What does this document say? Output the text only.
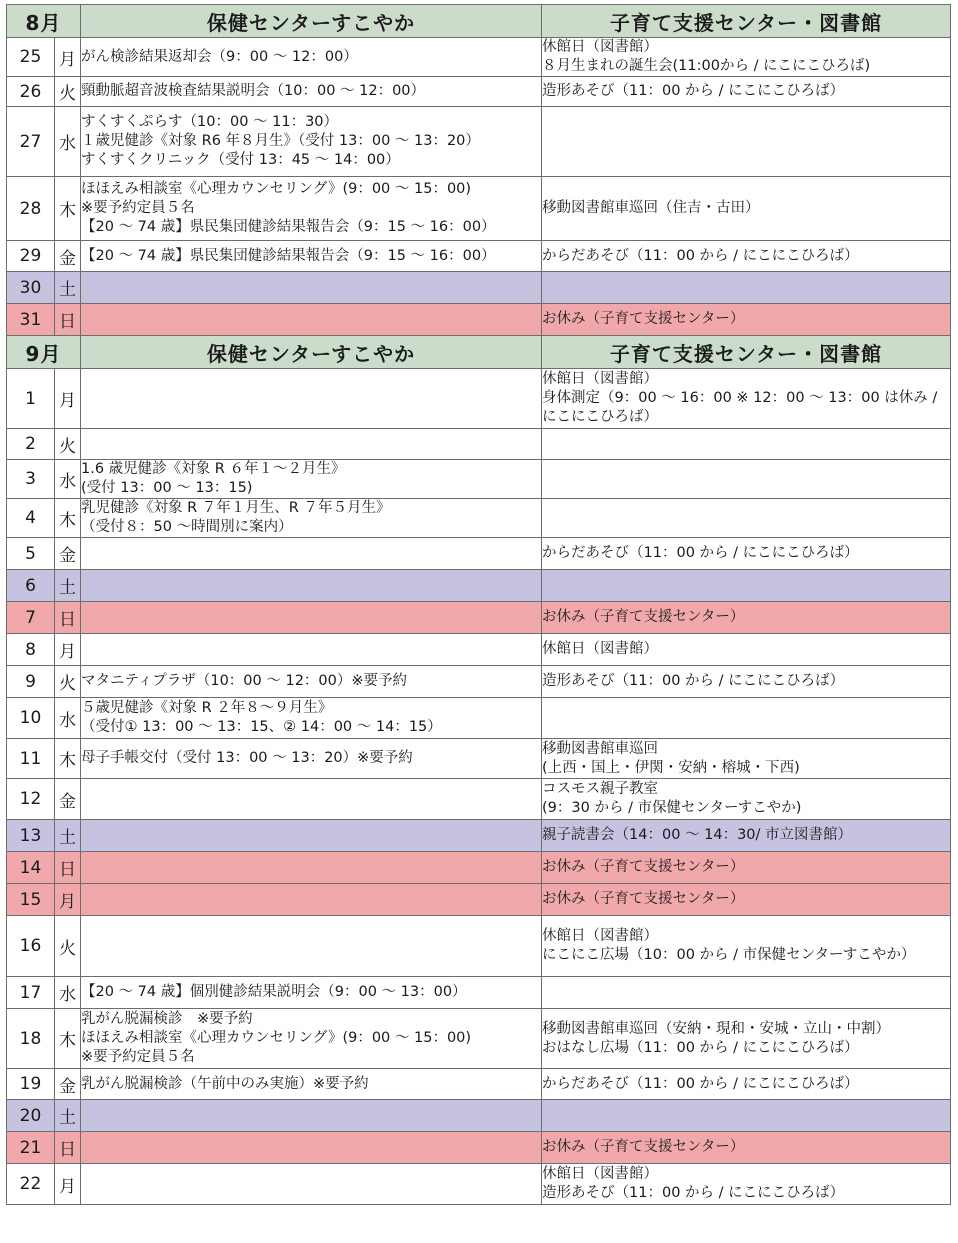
8月		保健センターすこやか	子育て支援センター・図書館
25	月	がん検診結果返却会（9：00 ～ 12：00）	休館日（図書館）
８月生まれの誕生会(11:00から / にこにこひろば)
26	火	頸動脈超音波検査結果説明会（10：00 ～ 12：00）	造形あそび（11：00 から / にこにこひろば）
27	水	すくすくぷらす（10：00 ～ 11：30）
１歳児健診《対象 R6 年８月生》（受付 13：00 ～ 13：20）
すくすくクリニック（受付 13：45 ～ 14：00）	
28	木	ほほえみ相談室《心理カウンセリング》(9：00 ～ 15：00)
※要予約定員５名
【20 ～ 74 歳】県民集団健診結果報告会（9：15 ～ 16：00）	移動図書館車巡回（住吉・古田）
29	金	【20 ～ 74 歳】県民集団健診結果報告会（9：15 ～ 16：00）	からだあそび（11：00 から / にこにこひろば）
30	土		
31	日		お休み（子育て支援センター）
9月		保健センターすこやか	子育て支援センター・図書館
1	月		休館日（図書館）
身体測定（9：00 ～ 16：00 ※ 12：00 ～ 13：00 は休み / にこにこひろば）
2	火		
3	水	1.6 歳児健診《対象 R ６年１～２月生》
(受付 13：00 ～ 13：15)	
4	木	乳児健診《対象 R ７年１月生、R ７年５月生》
（受付８：50 ～時間別に案内）	
5	金		からだあそび（11：00 から / にこにこひろば）
6	土		
7	日		お休み（子育て支援センター）
8	月		休館日（図書館）
9	火	マタニティプラザ（10：00 ～ 12：00）※要予約	造形あそび（11：00 から / にこにこひろば）
10	水	５歳児健診《対象 R ２年８～９月生》
（受付① 13：00 ～ 13：15、② 14：00 ～ 14：15）	
11	木	母子手帳交付（受付 13：00 ～ 13：20）※要予約	移動図書館車巡回
(上西・国上・伊関・安納・榕城・下西)
12	金		コスモス親子教室
(9：30 から / 市保健センターすこやか)
13	土		親子読書会（14：00 ～ 14：30/ 市立図書館）
14	日		お休み（子育て支援センター）
15	月		お休み（子育て支援センター）
16	火		休館日（図書館）
にこにこ広場（10：00 から / 市保健センターすこやか）
17	水	【20 ～ 74 歳】個別健診結果説明会（9：00 ～ 13：00）	
18	木	乳がん脱漏検診　※要予約
ほほえみ相談室《心理カウンセリング》(9：00 ～ 15：00)
※要予約定員５名	移動図書館車巡回（安納・現和・安城・立山・中割）
おはなし広場（11：00 から / にこにこひろば）
19	金	乳がん脱漏検診（午前中のみ実施）※要予約	からだあそび（11：00 から / にこにこひろば）
20	土		
21	日		お休み（子育て支援センター）
22	月		休館日（図書館）
造形あそび（11：00 から / にこにこひろば）
